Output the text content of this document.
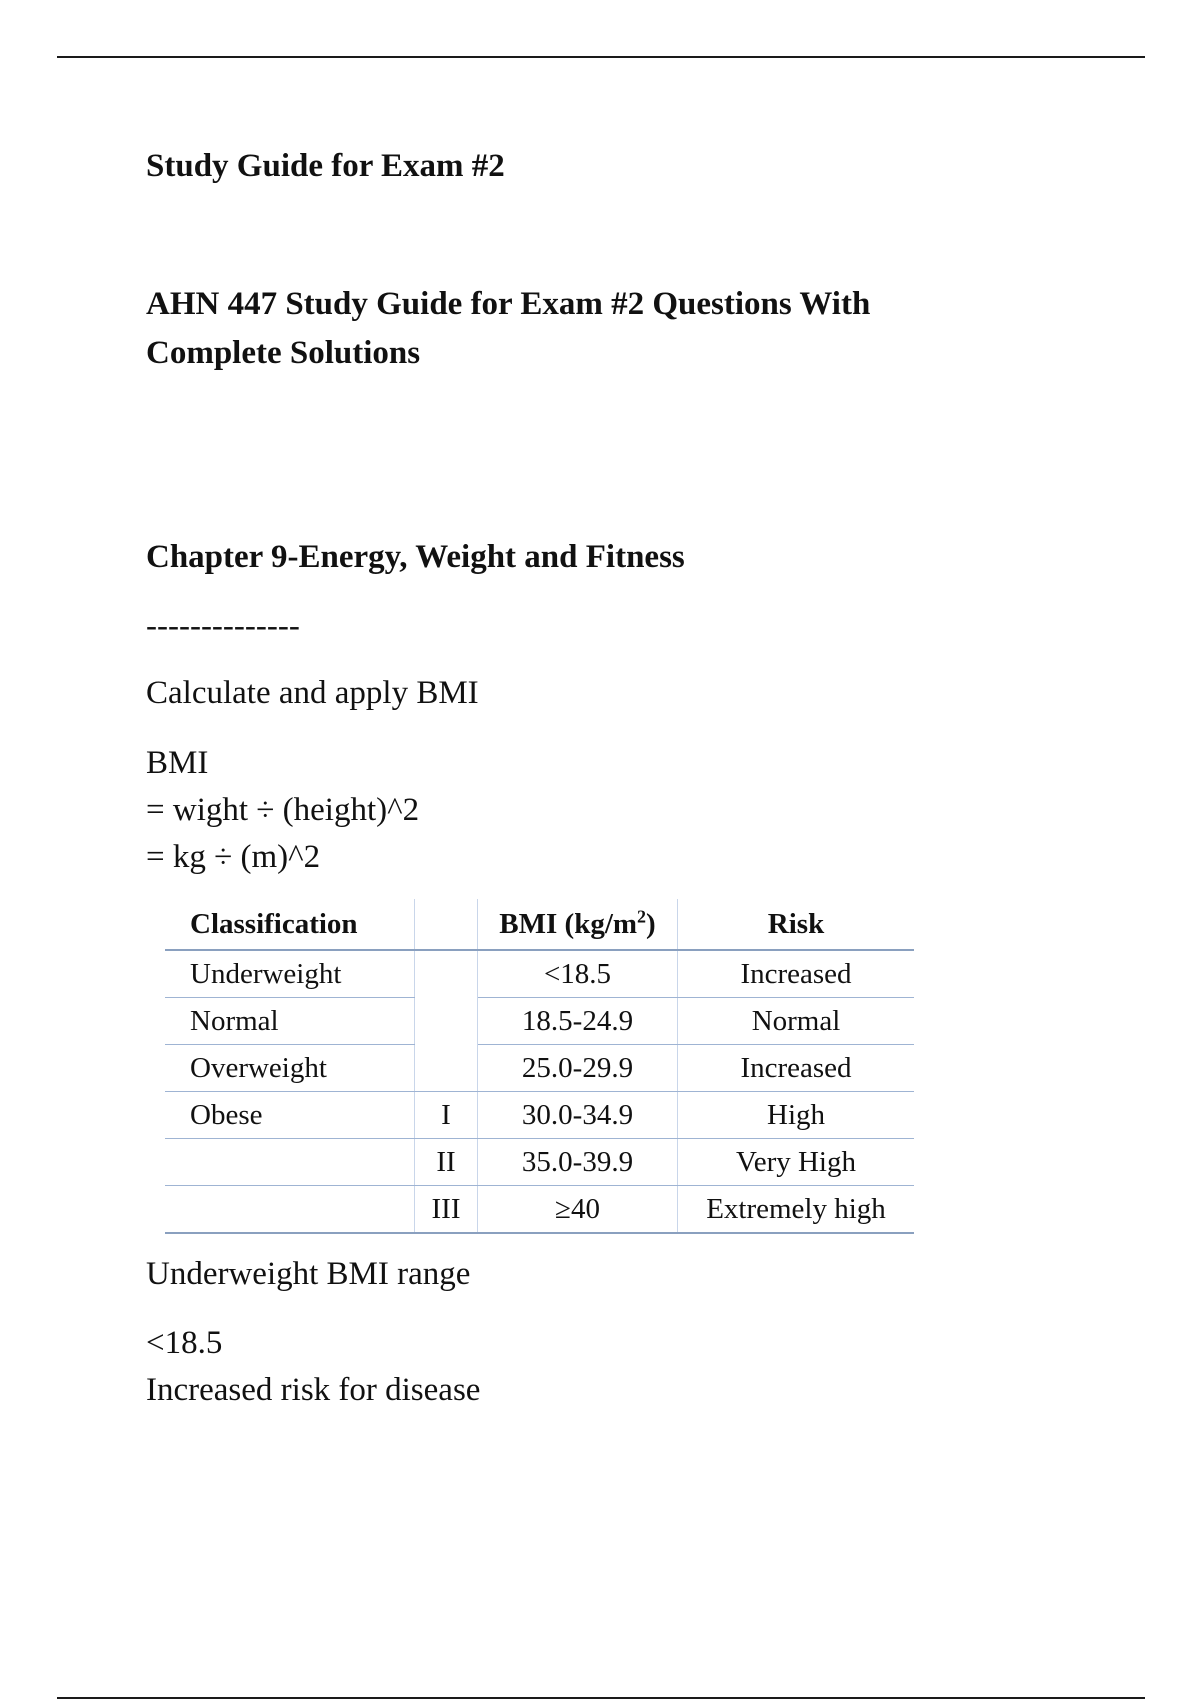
Study Guide for Exam #2
AHN 447 Study Guide for Exam #2 Questions With
Complete Solutions
Chapter 9-Energy, Weight and Fitness

--------------

Calculate and apply BMI

BMI
= wight ÷ (height)^2
= kg ÷ (m)^2

Underweight BMI range

<18.5
Increased risk for disease

Classification		BMI $(kg/m^2)$	Risk
Underweight		<18.5	Increased
Normal		18.5-24.9	Normal
Overweight		25.0-29.9	Increased
Obese	I	30.0-34.9	High
	II	35.0-39.9	Very High
	III	≥40	Extremely high
